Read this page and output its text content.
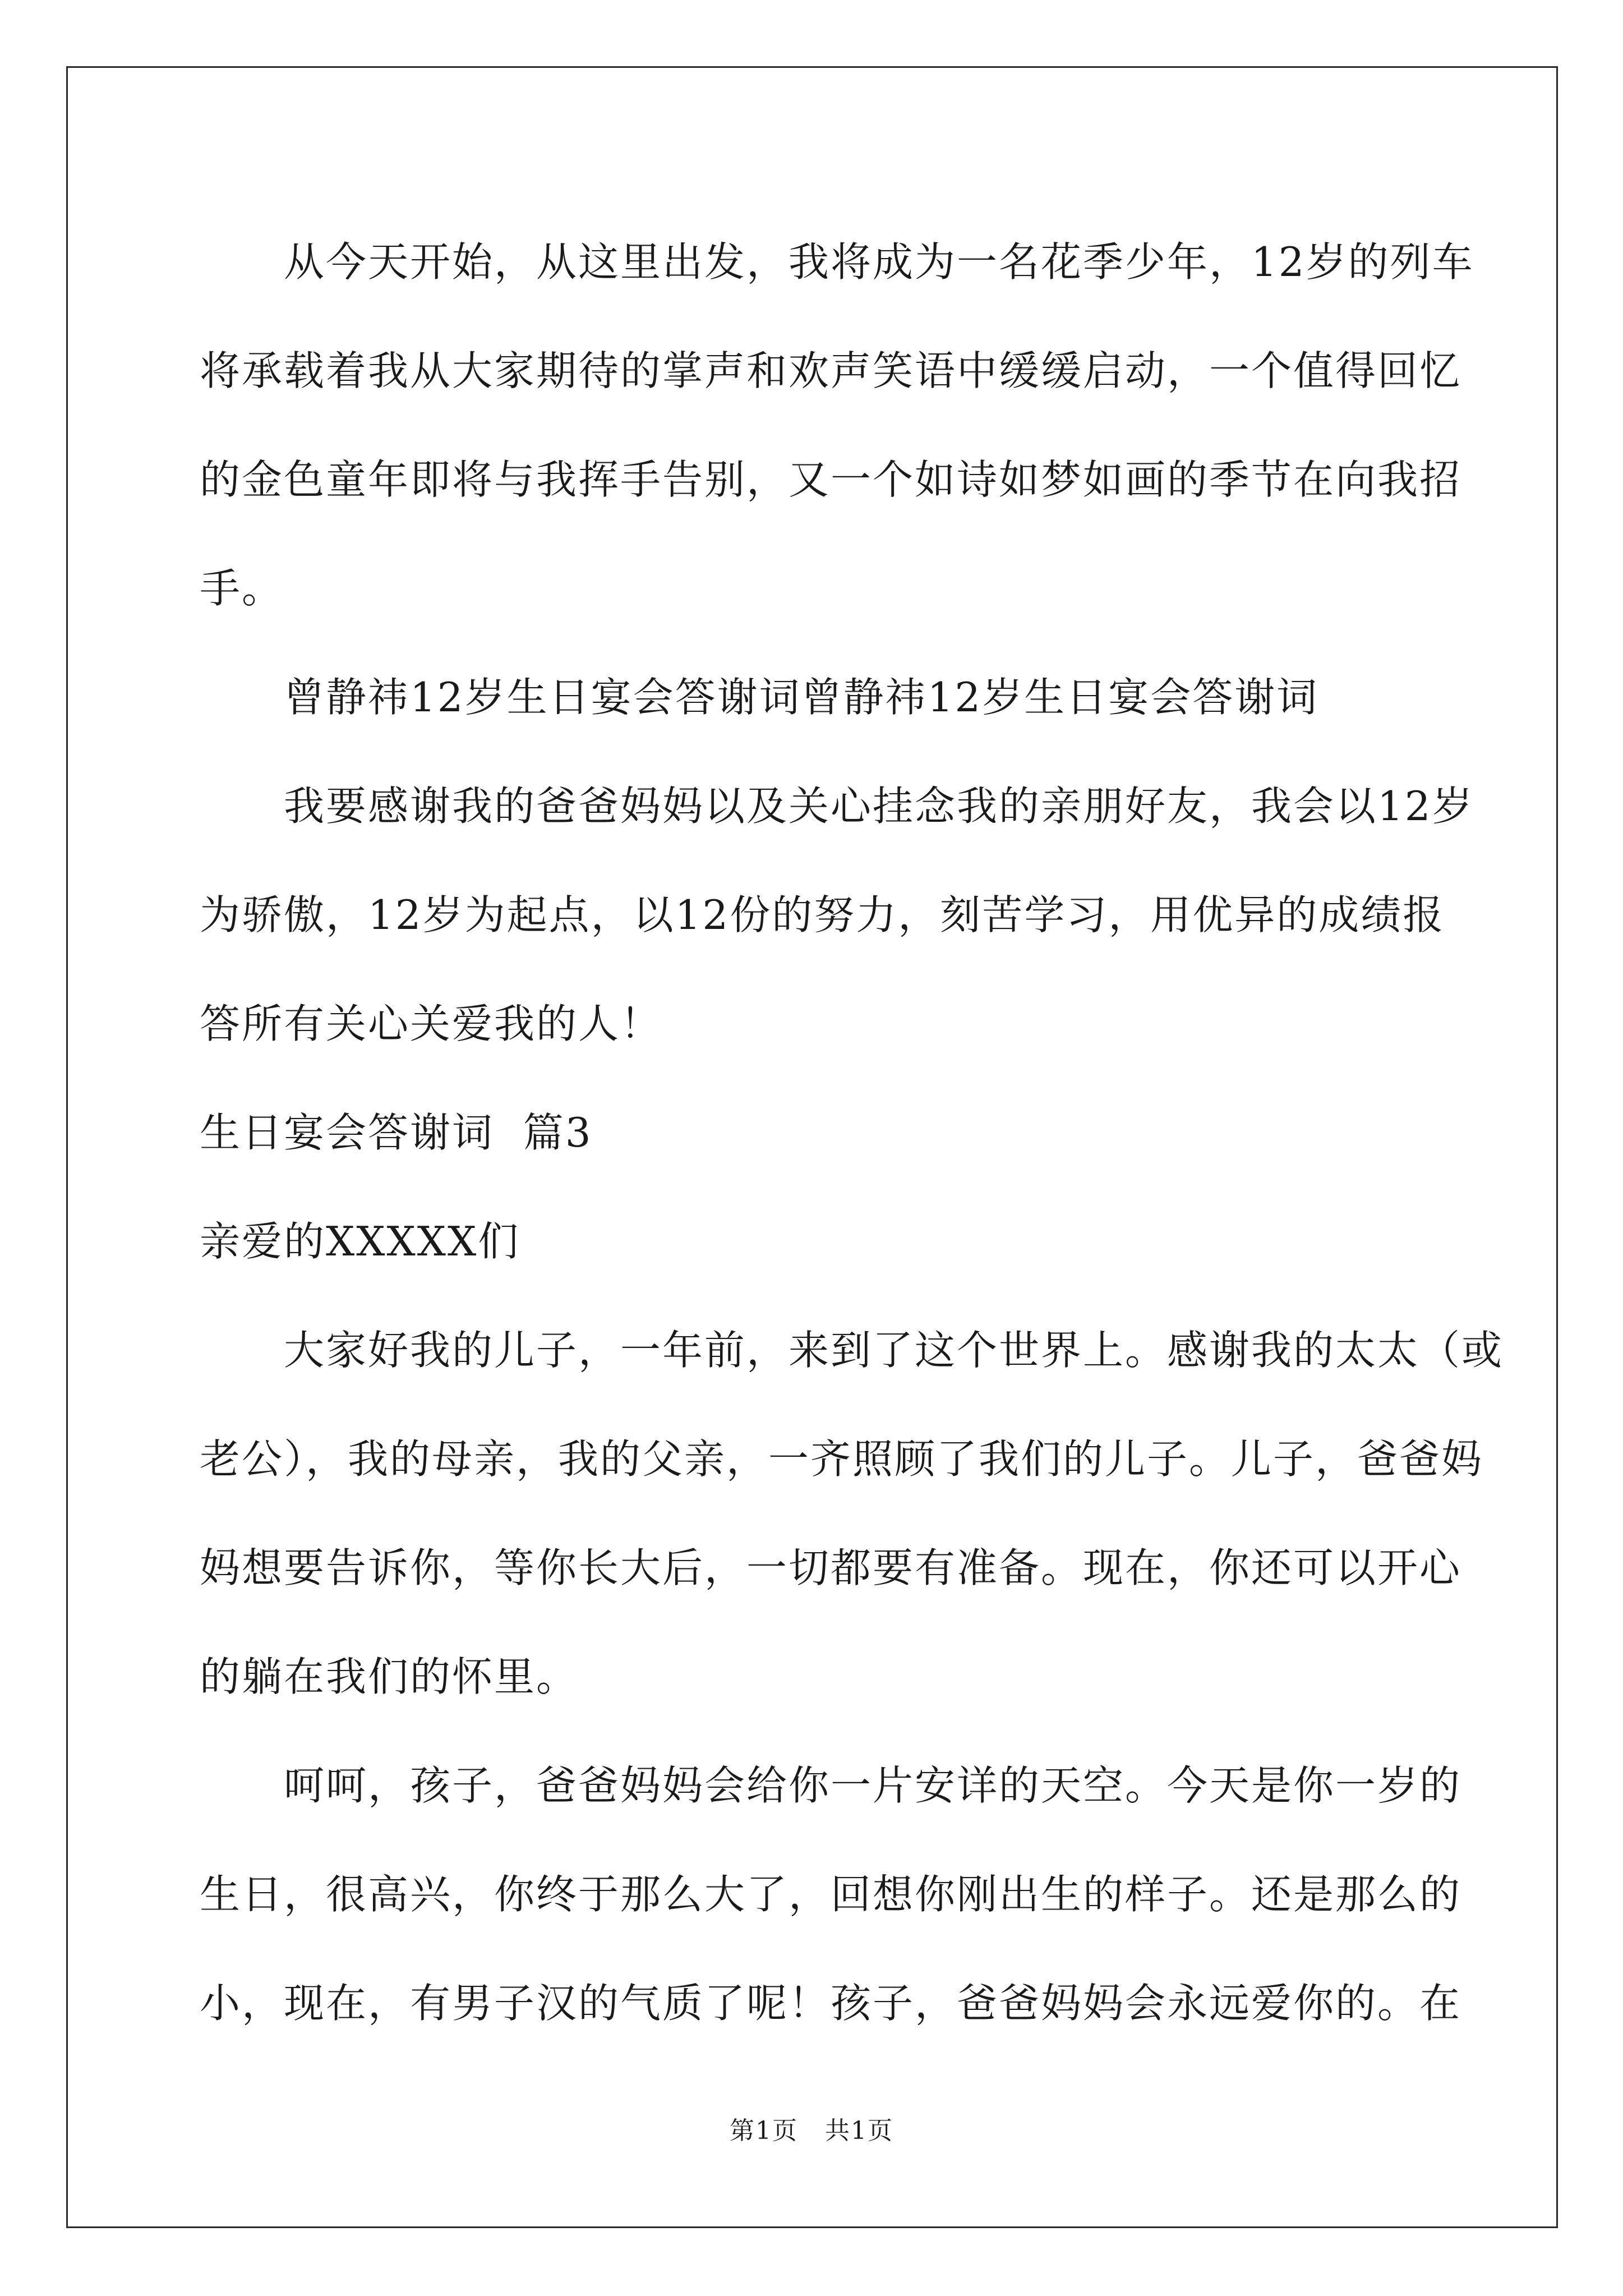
从今天开始，从这里出发，我将成为一名花季少年，12岁的列车
将承载着我从大家期待的掌声和欢声笑语中缓缓启动，一个值得回忆
的金色童年即将与我挥手告别，又一个如诗如梦如画的季节在向我招
手。
曾静祎12岁生日宴会答谢词曾静祎12岁生日宴会答谢词
我要感谢我的爸爸妈妈以及关心挂念我的亲朋好友，我会以12岁
为骄傲，12岁为起点，以12份的努力，刻苦学习，用优异的成绩报
答所有关心关爱我的人！
生日宴会答谢词  篇3
亲爱的XXXXX们
大家好我的儿子，一年前，来到了这个世界上。感谢我的太太（或
老公），我的母亲，我的父亲，一齐照顾了我们的儿子。儿子，爸爸妈
妈想要告诉你，等你长大后，一切都要有准备。现在，你还可以开心
的躺在我们的怀里。
呵呵，孩子，爸爸妈妈会给你一片安详的天空。今天是你一岁的
生日，很高兴，你终于那么大了，回想你刚出生的样子。还是那么的
小，现在，有男子汉的气质了呢！孩子，爸爸妈妈会永远爱你的。在
第1页   共1页
